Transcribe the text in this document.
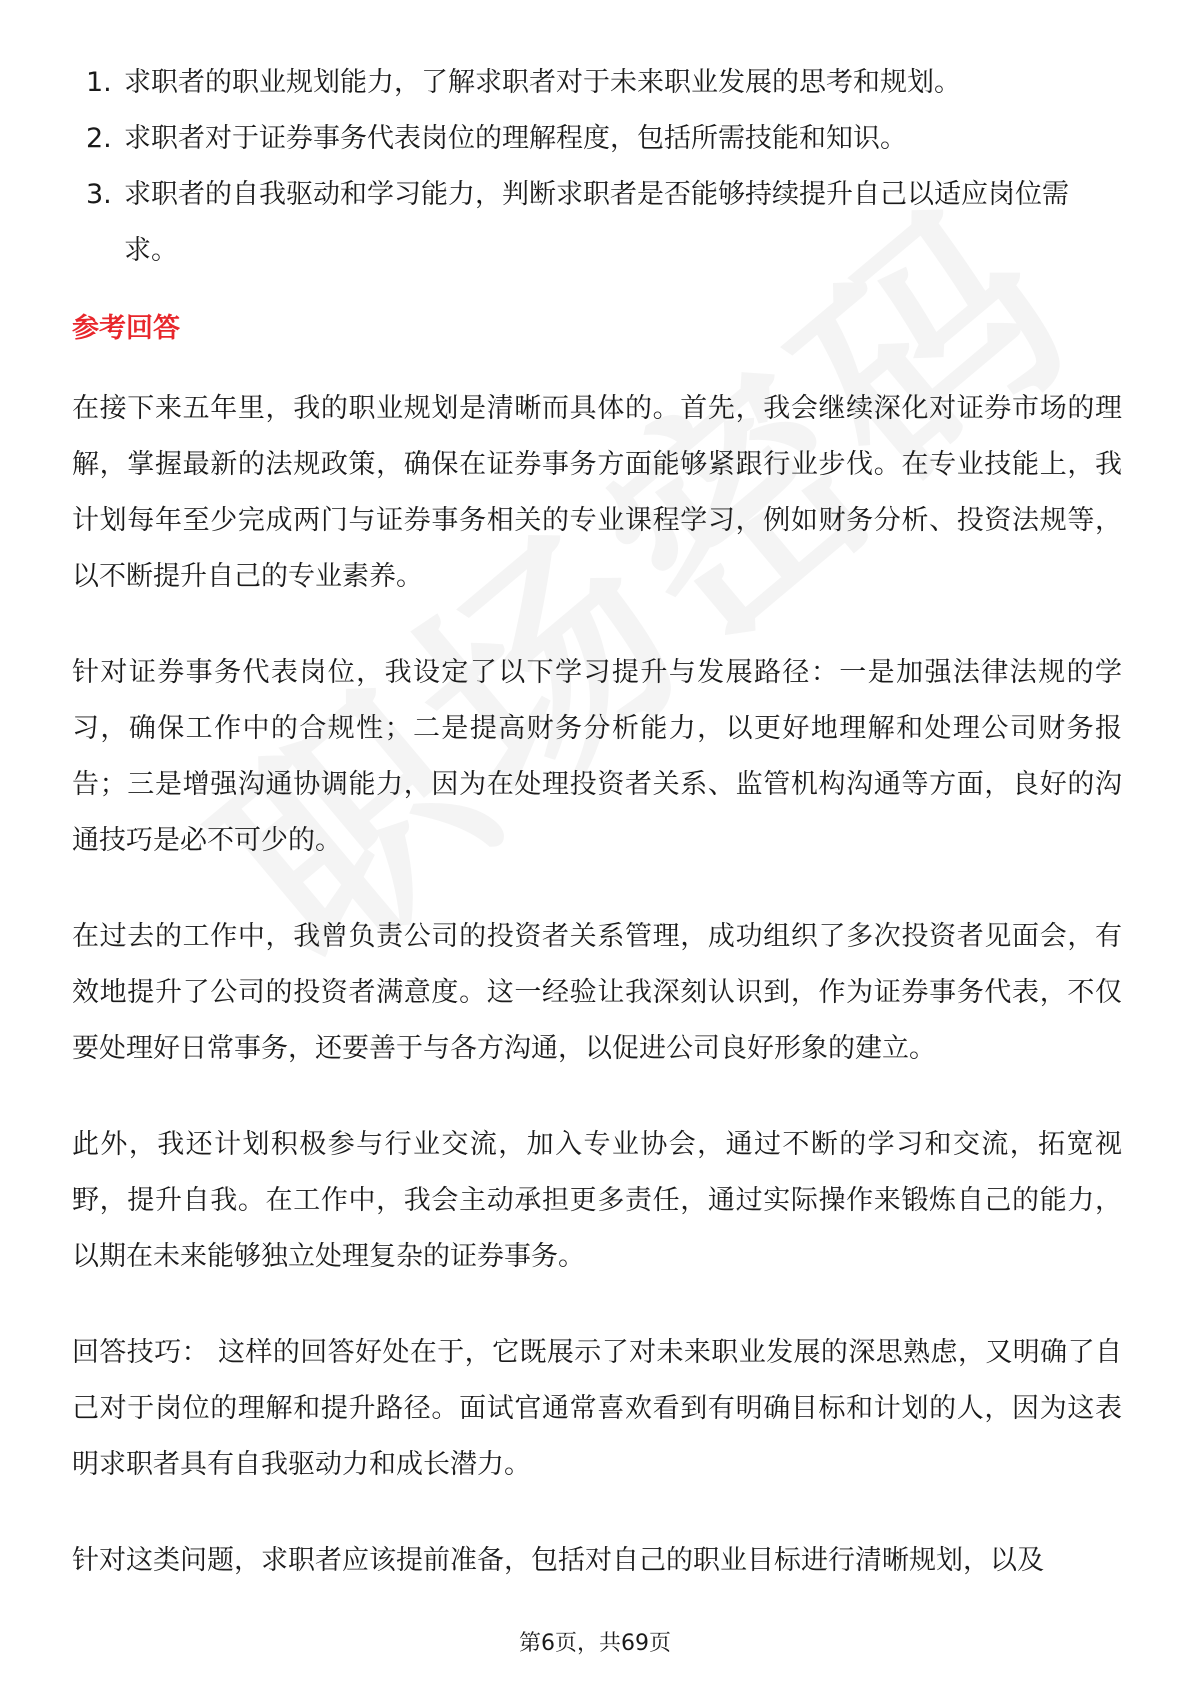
1. 求职者的职业规划能力，了解求职者对于未来职业发展的思考和规划。
2. 求职者对于证券事务代表岗位的理解程度，包括所需技能和知识。
3. 求职者的自我驱动和学习能力，判断求职者是否能够持续提升自己以适应岗位需求。
参考回答

在接下来五年里，我的职业规划是清晰而具体的。首先，我会继续深化对证券市场的理解，掌握最新的法规政策，确保在证券事务方面能够紧跟行业步伐。在专业技能上，我计划每年至少完成两门与证券事务相关的专业课程学习，例如财务分析、投资法规等，以不断提升自己的专业素养。

针对证券事务代表岗位，我设定了以下学习提升与发展路径：一是加强法律法规的学习，确保工作中的合规性；二是提高财务分析能力，以更好地理解和处理公司财务报告；三是增强沟通协调能力，因为在处理投资者关系、监管机构沟通等方面，良好的沟通技巧是必不可少的。

在过去的工作中，我曾负责公司的投资者关系管理，成功组织了多次投资者见面会，有效地提升了公司的投资者满意度。这一经验让我深刻认识到，作为证券事务代表，不仅要处理好日常事务，还要善于与各方沟通，以促进公司良好形象的建立。

此外，我还计划积极参与行业交流，加入专业协会，通过不断的学习和交流，拓宽视野，提升自我。在工作中，我会主动承担更多责任，通过实际操作来锻炼自己的能力，以期在未来能够独立处理复杂的证券事务。

回答技巧： 这样的回答好处在于，它既展示了对未来职业发展的深思熟虑，又明确了自己对于岗位的理解和提升路径。面试官通常喜欢看到有明确目标和计划的人，因为这表明求职者具有自我驱动力和成长潜力。

针对这类问题，求职者应该提前准备，包括对自己的职业目标进行清晰规划，以及

第6页，共69页
